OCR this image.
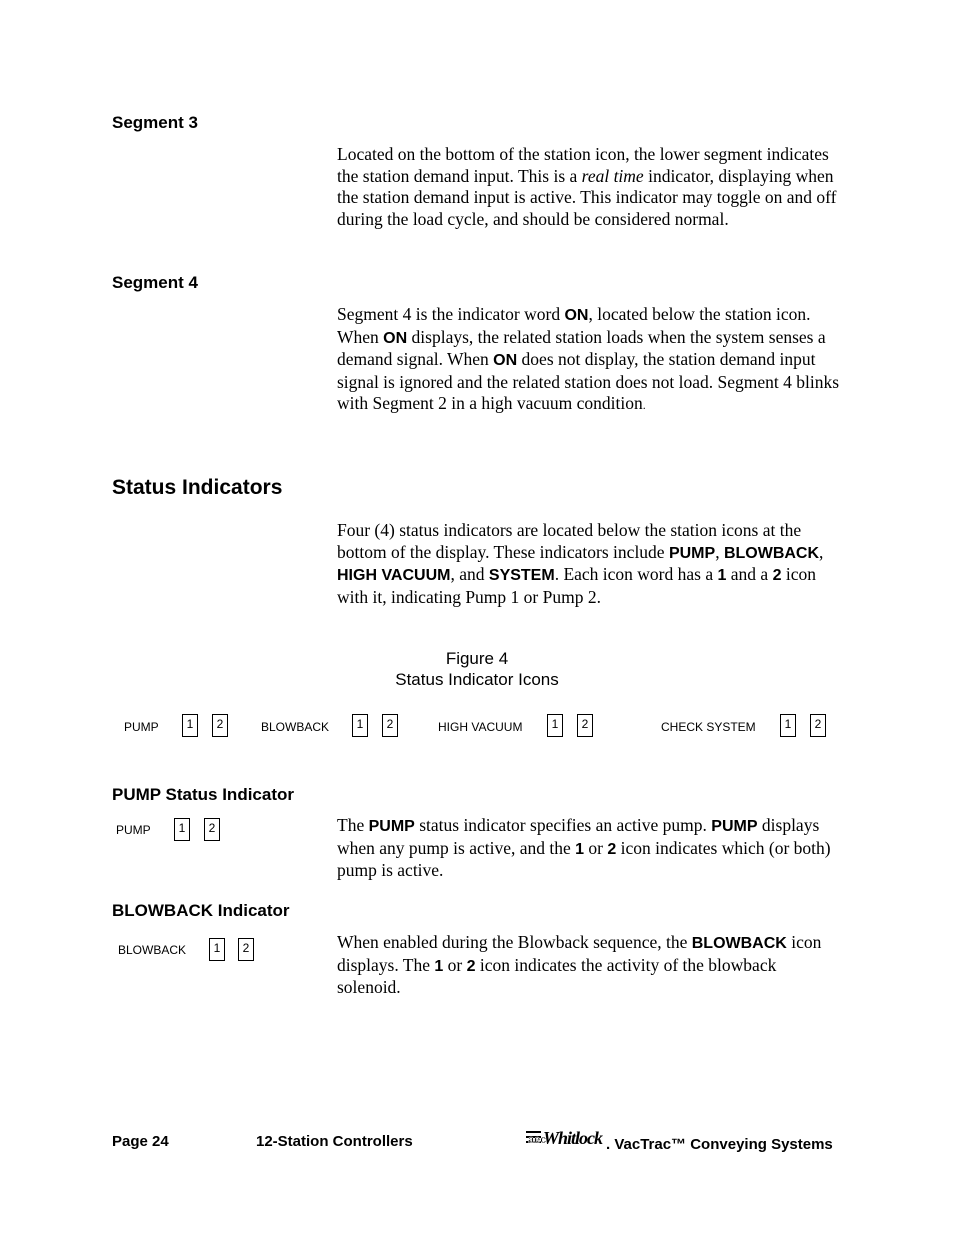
Segment 3
Located on the bottom of the station icon, the lower segment indicates the station demand input. This is a real time indicator, displaying when the station demand input is active. This indicator may toggle on and off during the load cycle, and should be considered normal.
Segment 4
Segment 4 is the indicator word ON, located below the station icon. When ON displays, the related station loads when the system senses a demand signal. When ON does not display, the station demand input signal is ignored and the related station does not load. Segment 4 blinks with Segment 2 in a high vacuum condition.
Status Indicators
Four (4) status indicators are located below the station icons at the bottom of the display. These indicators include PUMP, BLOWBACK, HIGH VACUUM, and SYSTEM. Each icon word has a 1 and a 2 icon with it, indicating Pump 1 or Pump 2.
Figure 4
Status Indicator Icons
PUMP	1	2	BLOWBACK	1	2	HIGH VACUUM	1	2	CHECK SYSTEM	1	2
PUMP Status Indicator
PUMP	1	2	The PUMP status indicator specifies an active pump. PUMP displays when any pump is active, and the 1 or 2 icon indicates which (or both) pump is active.
BLOWBACK Indicator
BLOWBACK	1	2	When enabled during the Blowback sequence, the BLOWBACK icon displays. The 1 or 2 icon indicates the activity of the blowback solenoid.
Page 24	12-Station Controllers	aec
Whitlock . VacTrac™ Conveying Systems
